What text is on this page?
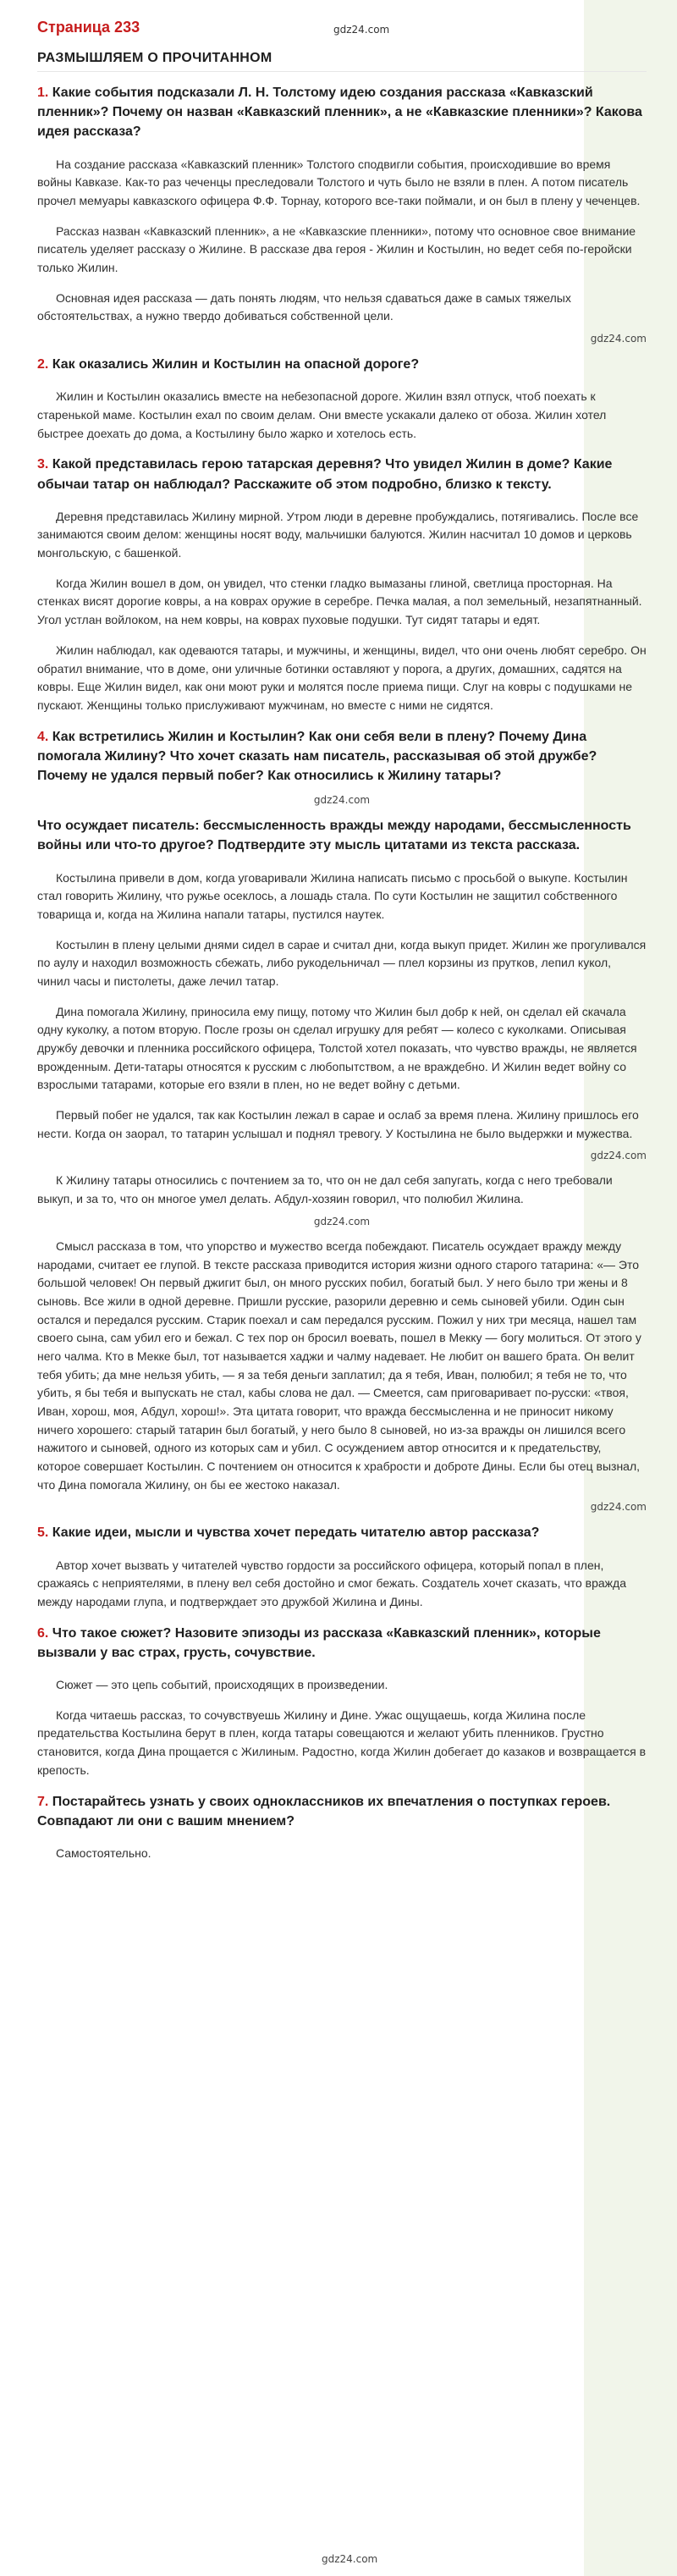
Страница 233	gdz24.com
РАЗМЫШЛЯЕМ О ПРОЧИТАННОМ
1. Какие события подсказали Л. Н. Толстому идею создания рассказа «Кавказский пленник»? Почему он назван «Кавказский пленник», а не «Кавказские пленники»? Какова идея рассказа?
На создание рассказа «Кавказский пленник» Толстого сподвигли события, происходившие во время войны Кавказе. Как-то раз чеченцы преследовали Толстого и чуть было не взяли в плен. А потом писатель прочел мемуары кавказского офицера Ф.Ф. Торнау, которого все-таки поймали, и он был в плену у чеченцев.
Рассказ назван «Кавказский пленник», а не «Кавказские пленники», потому что основное свое внимание писатель уделяет рассказу о Жилине. В рассказе два героя - Жилин и Костылин, но ведет себя по-геройски только Жилин.
Основная идея рассказа — дать понять людям, что нельзя сдаваться даже в самых тяжелых обстоятельствах, а нужно твердо добиваться собственной цели.
gdz24.com
2. Как оказались Жилин и Костылин на опасной дороге?
Жилин и Костылин оказались вместе на небезопасной дороге. Жилин взял отпуск, чтоб поехать к старенькой маме. Костылин ехал по своим делам. Они вместе ускакали далеко от обоза. Жилин хотел быстрее доехать до дома, а Костылину было жарко и хотелось есть.
3. Какой представилась герою татарская деревня? Что увидел Жилин в доме? Какие обычаи татар он наблюдал? Расскажите об этом подробно, близко к тексту.
Деревня представилась Жилину мирной. Утром люди в деревне пробуждались, потягивались. После все занимаются своим делом: женщины носят воду, мальчишки балуются. Жилин насчитал 10 домов и церковь монгольскую, с башенкой.
Когда Жилин вошел в дом, он увидел, что стенки гладко вымазаны глиной, светлица просторная. На стенках висят дорогие ковры, а на коврах оружие в серебре. Печка малая, а пол земельный, незапятнанный. Угол устлан войлоком, на нем ковры, на коврах пуховые подушки. Тут сидят татары и едят.
Жилин наблюдал, как одеваются татары, и мужчины, и женщины, видел, что они очень любят серебро. Он обратил внимание, что в доме, они уличные ботинки оставляют у порога, а других, домашних, садятся на ковры. Еще Жилин видел, как они моют руки и молятся после приема пищи. Слуг на ковры с подушками не пускают. Женщины только прислуживают мужчинам, но вместе с ними не сидятся.
4. Как встретились Жилин и Костылин? Как они себя вели в плену? Почему Дина помогала Жилину? Что хочет сказать нам писатель, рассказывая об этой дружбе? Почему не удался первый побег? Как относились к Жилину татары?
gdz24.com
Что осуждает писатель: бессмысленность вражды между народами, бессмысленность войны или что-то другое? Подтвердите эту мысль цитатами из текста рассказа.
Костылина привели в дом, когда уговаривали Жилина написать письмо с просьбой о выкупе. Костылин стал говорить Жилину, что ружье осеклось, а лошадь стала. По сути Костылин не защитил собственного товарища и, когда на Жилина напали татары, пустился наутек.
Костылин в плену целыми днями сидел в сарае и считал дни, когда выкуп придет. Жилин же прогуливался по аулу и находил возможность сбежать, либо рукодельничал — плел корзины из прутков, лепил кукол, чинил часы и пистолеты, даже лечил татар.
Дина помогала Жилину, приносила ему пищу, потому что Жилин был добр к ней, он сделал ей скачала одну куколку, а потом вторую. После грозы он сделал игрушку для ребят — колесо с куколками. Описывая дружбу девочки и пленника российского офицера, Толстой хотел показать, что чувство вражды, не является врожденным. Дети-татары относятся к русским с любопытством, а не враждебно. И Жилин ведет войну со взрослыми татарами, которые его взяли в плен, но не ведет войну с детьми.
Первый побег не удался, так как Костылин лежал в сарае и ослаб за время плена. Жилину пришлось его нести. Когда он заорал, то татарин услышал и поднял тревогу. У Костылина не было выдержки и мужества.
gdz24.com
К Жилину татары относились с почтением за то, что он не дал себя запугать, когда с него требовали выкуп, и за то, что он многое умел делать. Абдул-хозяин говорил, что полюбил Жилина.
gdz24.com
Смысл рассказа в том, что упорство и мужество всегда побеждают. Писатель осуждает вражду между народами, считает ее глупой. В тексте рассказа приводится история жизни одного старого татарина: «— Это большой человек! Он первый джигит был, он много русских побил, богатый был. У него было три жены и 8 сыновь. Все жили в одной деревне. Пришли русские, разорили деревню и семь сыновей убили. Один сын остался и передался русским. Старик поехал и сам передался русским. Пожил у них три месяца, нашел там своего сына, сам убил его и бежал. С тех пор он бросил воевать, пошел в Мекку — богу молиться. От этого у него чалма. Кто в Мекке был, тот называется хаджи и чалму надевает. Не любит он вашего брата. Он велит тебя убить; да мне нельзя убить, — я за тебя деньги заплатил; да я тебя, Иван, полюбил; я тебя не то, что убить, я бы тебя и выпускать не стал, кабы слова не дал. — Смеется, сам приговаривает по-русски: «твоя, Иван, хорош, моя, Абдул, хорош!». Эта цитата говорит, что вражда бессмысленна и не приносит никому ничего хорошего: старый татарин был богатый, у него было 8 сыновей, но из-за вражды он лишился всего нажитого и сыновей, одного из которых сам и убил. С осуждением автор относится и к предательству, которое совершает Костылин. С почтением он относится к храбрости и доброте Дины. Если бы отец вызнал, что Дина помогала Жилину, он бы ее жестоко наказал.
gdz24.com
5. Какие идеи, мысли и чувства хочет передать читателю автор рассказа?
Автор хочет вызвать у читателей чувство гордости за российского офицера, который попал в плен, сражаясь с неприятелями, в плену вел себя достойно и смог бежать. Создатель хочет сказать, что вражда между народами глупа, и подтверждает это дружбой Жилина и Дины.
6. Что такое сюжет? Назовите эпизоды из рассказа «Кавказский пленник», которые вызвали у вас страх, грусть, сочувствие.
Сюжет — это цепь событий, происходящих в произведении.
Когда читаешь рассказ, то сочувствуешь Жилину и Дине. Ужас ощущаешь, когда Жилина после предательства Костылина берут в плен, когда татары совещаются и желают убить пленников. Грустно становится, когда Дина прощается с Жилиным. Радостно, когда Жилин добегает до казаков и возвращается в крепость.
7. Постарайтесь узнать у своих одноклассников их впечатления о поступках героев. Совпадают ли они с вашим мнением?
Самостоятельно.
gdz24.com
